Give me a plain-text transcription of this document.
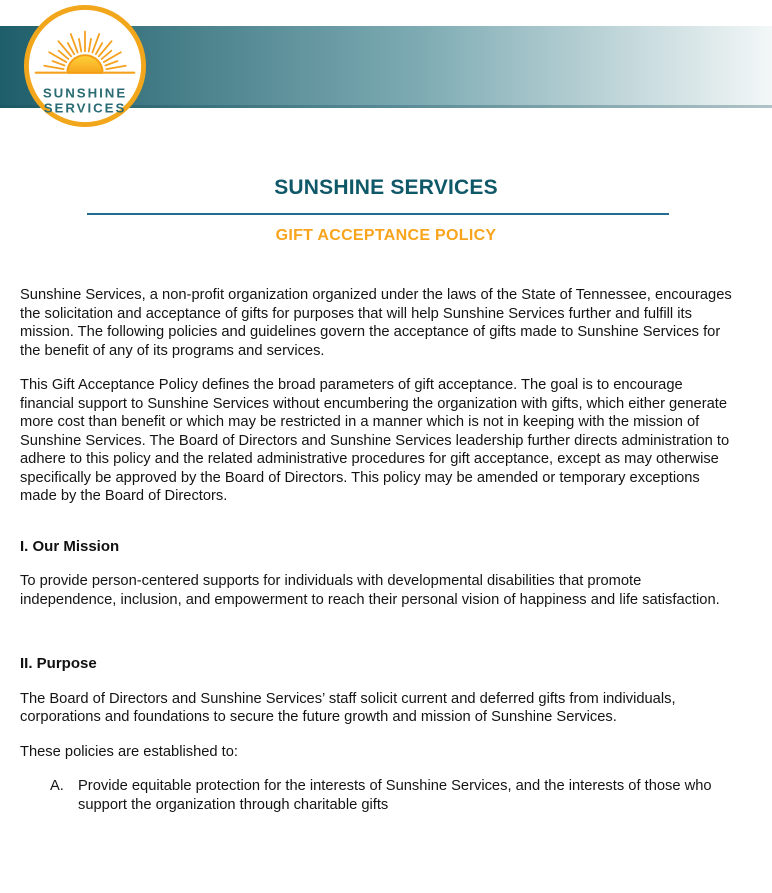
SUNSHINE
SERVICES
SUNSHINE SERVICES
GIFT ACCEPTANCE POLICY

Sunshine Services, a non-profit organization organized under the laws of the State of Tennessee, encourages the solicitation and acceptance of gifts for purposes that will help Sunshine Services further and fulfill its mission. The following policies and guidelines govern the acceptance of gifts made to Sunshine Services for the benefit of any of its programs and services.

This Gift Acceptance Policy defines the broad parameters of gift acceptance. The goal is to encourage financial support to Sunshine Services without encumbering the organization with gifts, which either generate more cost than benefit or which may be restricted in a manner which is not in keeping with the mission of Sunshine Services. The Board of Directors and Sunshine Services leadership further directs administration to adhere to this policy and the related administrative procedures for gift acceptance, except as may otherwise specifically be approved by the Board of Directors. This policy may be amended or temporary exceptions made by the Board of Directors.

I. Our Mission

To provide person-centered supports for individuals with developmental disabilities that promote independence, inclusion, and empowerment to reach their personal vision of happiness and life satisfaction.

II. Purpose

The Board of Directors and Sunshine Services’ staff solicit current and deferred gifts from individuals, corporations and foundations to secure the future growth and mission of Sunshine Services.

These policies are established to:

A. Provide equitable protection for the interests of Sunshine Services, and the interests of those who support the organization through charitable gifts
